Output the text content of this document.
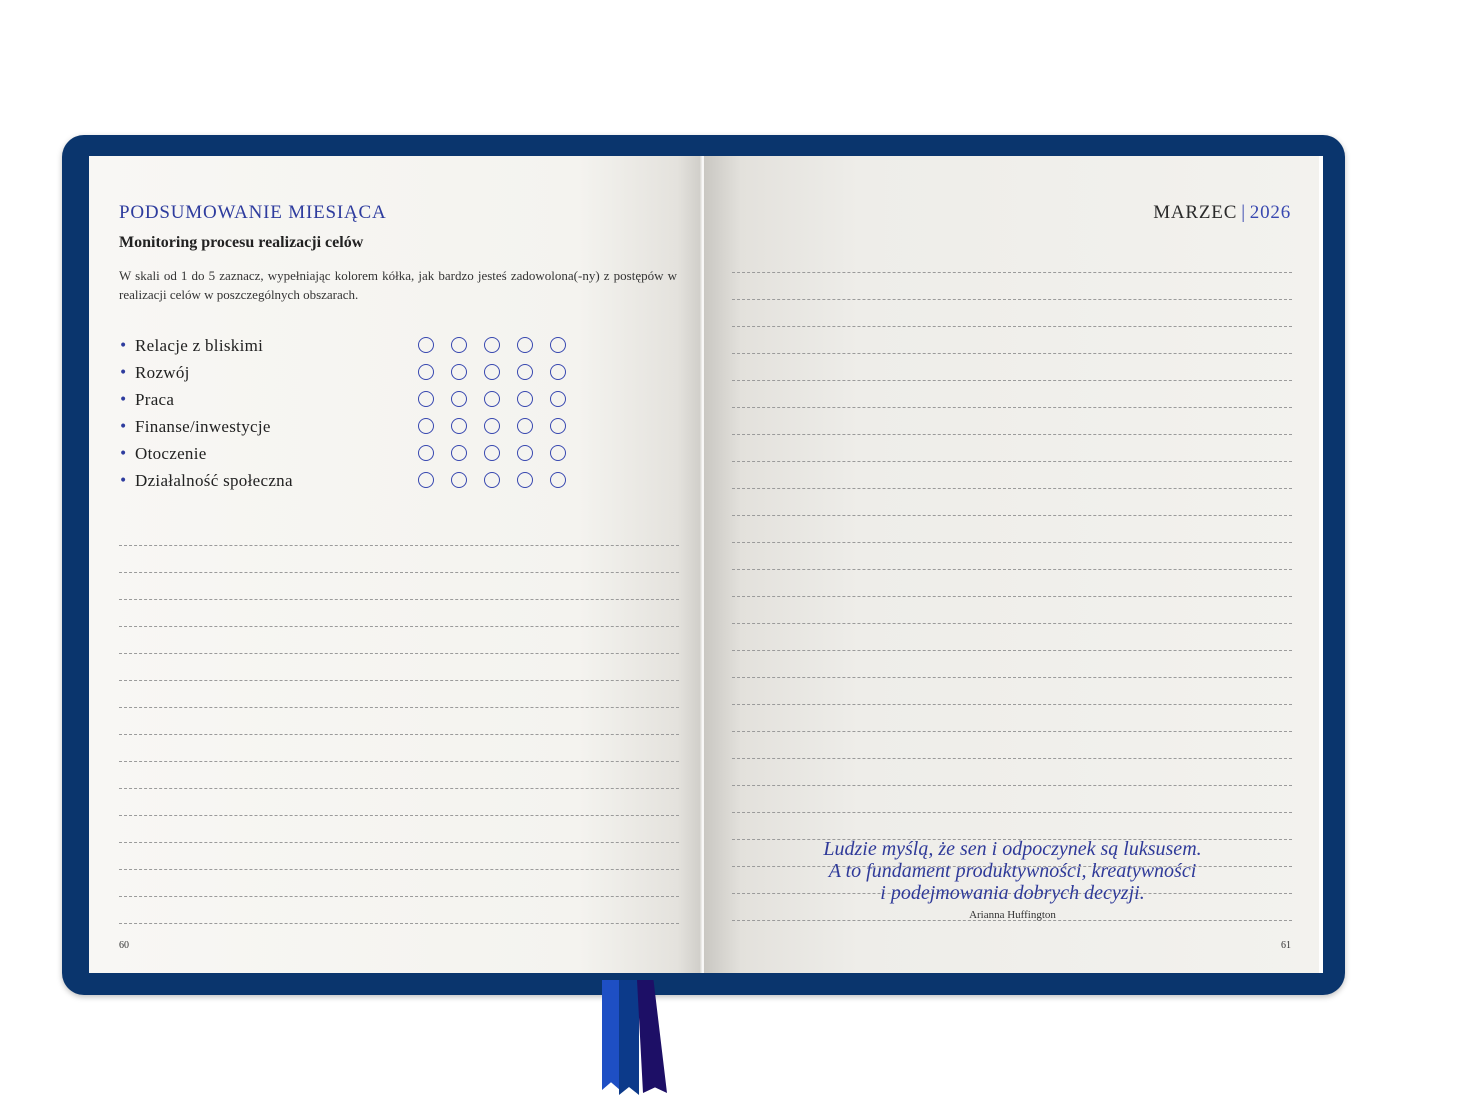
PODSUMOWANIE MIESIĄCA
Monitoring procesu realizacji celów
W skali od 1 do 5 zaznacz, wypełniając kolorem kółka, jak bardzo jesteś zadowolona(-ny) z postępów w realizacji celów w poszczególnych obszarach.
• Relacje z bliskimi
• Rozwój
• Praca
• Finanse/inwestycje
• Otoczenie
• Działalność społeczna
60
MARZEC | 2026
Ludzie myślą, że sen i odpoczynek są luksusem.
A to fundament produktywności, kreatywności
i podejmowania dobrych decyzji.
Arianna Huffington
61
